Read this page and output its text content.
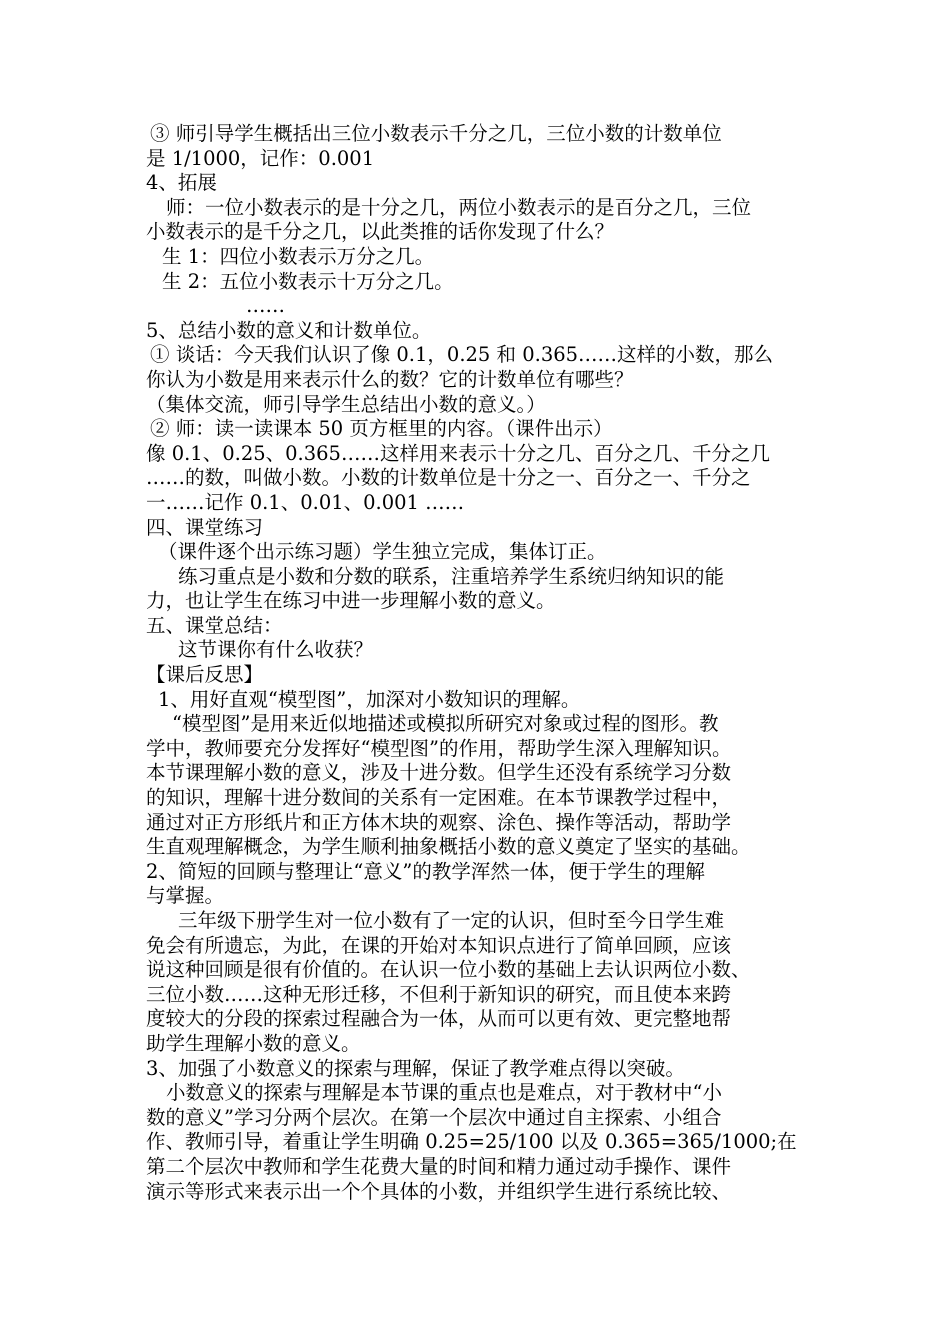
③ 师引导学生概括出三位小数表示千分之几，三位小数的计数单位
是 1/1000，记作：0.001
4、拓展
师：一位小数表示的是十分之几，两位小数表示的是百分之几，三位
小数表示的是千分之几，以此类推的话你发现了什么？
生 1：四位小数表示万分之几。
生 2：五位小数表示十万分之几。
……
5、总结小数的意义和计数单位。
① 谈话：今天我们认识了像 0.1，0.25 和 0.365……这样的小数，那么
你认为小数是用来表示什么的数？它的计数单位有哪些？
（集体交流，师引导学生总结出小数的意义。）
② 师：读一读课本 50 页方框里的内容。（课件出示）
像 0.1、0.25、0.365……这样用来表示十分之几、百分之几、千分之几
……的数，叫做小数。小数的计数单位是十分之一、百分之一、千分之
一……记作 0.1、0.01、0.001 ……
四、课堂练习
（课件逐个出示练习题）学生独立完成，集体订正。
练习重点是小数和分数的联系，注重培养学生系统归纳知识的能
力，也让学生在练习中进一步理解小数的意义。
五、课堂总结：
这节课你有什么收获？
【课后反思】
1、用好直观“模型图”，加深对小数知识的理解。
“模型图”是用来近似地描述或模拟所研究对象或过程的图形。教
学中，教师要充分发挥好“模型图”的作用，帮助学生深入理解知识。
本节课理解小数的意义，涉及十进分数。但学生还没有系统学习分数
的知识，理解十进分数间的关系有一定困难。在本节课教学过程中，
通过对正方形纸片和正方体木块的观察、涂色、操作等活动，帮助学
生直观理解概念，为学生顺利抽象概括小数的意义奠定了坚实的基础。
2、简短的回顾与整理让“意义”的教学浑然一体，便于学生的理解
与掌握。
三年级下册学生对一位小数有了一定的认识，但时至今日学生难
免会有所遗忘，为此，在课的开始对本知识点进行了简单回顾，应该
说这种回顾是很有价值的。在认识一位小数的基础上去认识两位小数、
三位小数……这种无形迁移，不但利于新知识的研究，而且使本来跨
度较大的分段的探索过程融合为一体，从而可以更有效、更完整地帮
助学生理解小数的意义。
3、加强了小数意义的探索与理解，保证了教学难点得以突破。
小数意义的探索与理解是本节课的重点也是难点，对于教材中“小
数的意义”学习分两个层次。在第一个层次中通过自主探索、小组合
作、教师引导，着重让学生明确 0.25=25/100 以及 0.365=365/1000;在
第二个层次中教师和学生花费大量的时间和精力通过动手操作、课件
演示等形式来表示出一个个具体的小数，并组织学生进行系统比较、
